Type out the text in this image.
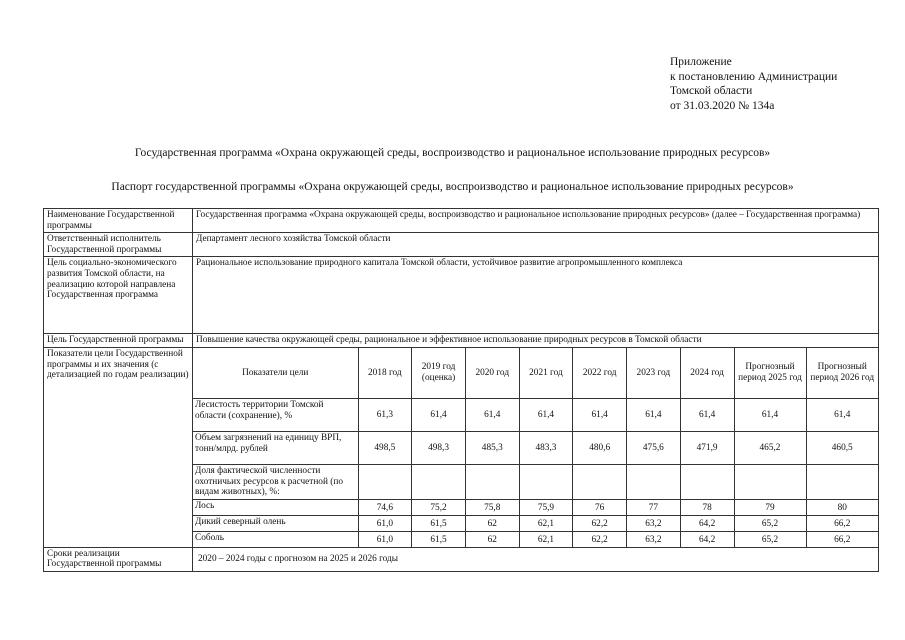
Приложение
к постановлению Администрации
Томской области
от 31.03.2020 № 134а
Государственная программа «Охрана окружающей среды, воспроизводство и рациональное использование природных ресурсов»
Паспорт государственной программы «Охрана окружающей среды, воспроизводство и рациональное использование природных ресурсов»
Наименование Государственной программы	Государственная программа «Охрана окружающей среды, воспроизводство и рациональное использование природных ресурсов» (далее – Государственная программа)
Ответственный исполнитель Государственной программы	Департамент лесного хозяйства Томской области
Цель социально-экономического развития Томской области, на реализацию которой направлена Государственная программа	Рациональное использование природного капитала Томской области, устойчивое развитие агропромышленного комплекса
Цель Государственной программы	Повышение качества окружающей среды, рациональное и эффективное использование природных ресурсов в Томской области
Показатели цели Государственной программы и их значения (с детализацией по годам реализации)		Показатели цели	2018 год	2019 год (оценка)	2020 год	2021 год	2022 год	2023 год	2024 год	Прогнозный период 2025 год	Прогнозный период 2026 год
Лесистость территории Томской области (сохранение), %	61,3	61,4	61,4	61,4	61,4	61,4	61,4	61,4	61,4
Объем загрязнений на единицу ВРП, тонн/млрд. рублей	498,5	498,3	485,3	483,3	480,6	475,6	471,9	465,2	460,5
Доля фактической численности охотничьих ресурсов к расчетной (по видам животных), %:									
Лось	74,6	75,2	75,8	75,9	76	77	78	79	80
Дикий северный олень	61,0	61,5	62	62,1	62,2	63,2	64,2	65,2	66,2
Соболь	61,0	61,5	62	62,1	62,2	63,2	64,2	65,2	66,2

Сроки реализации Государственной программы	2020 – 2024 годы с прогнозом на 2025 и 2026 годы
